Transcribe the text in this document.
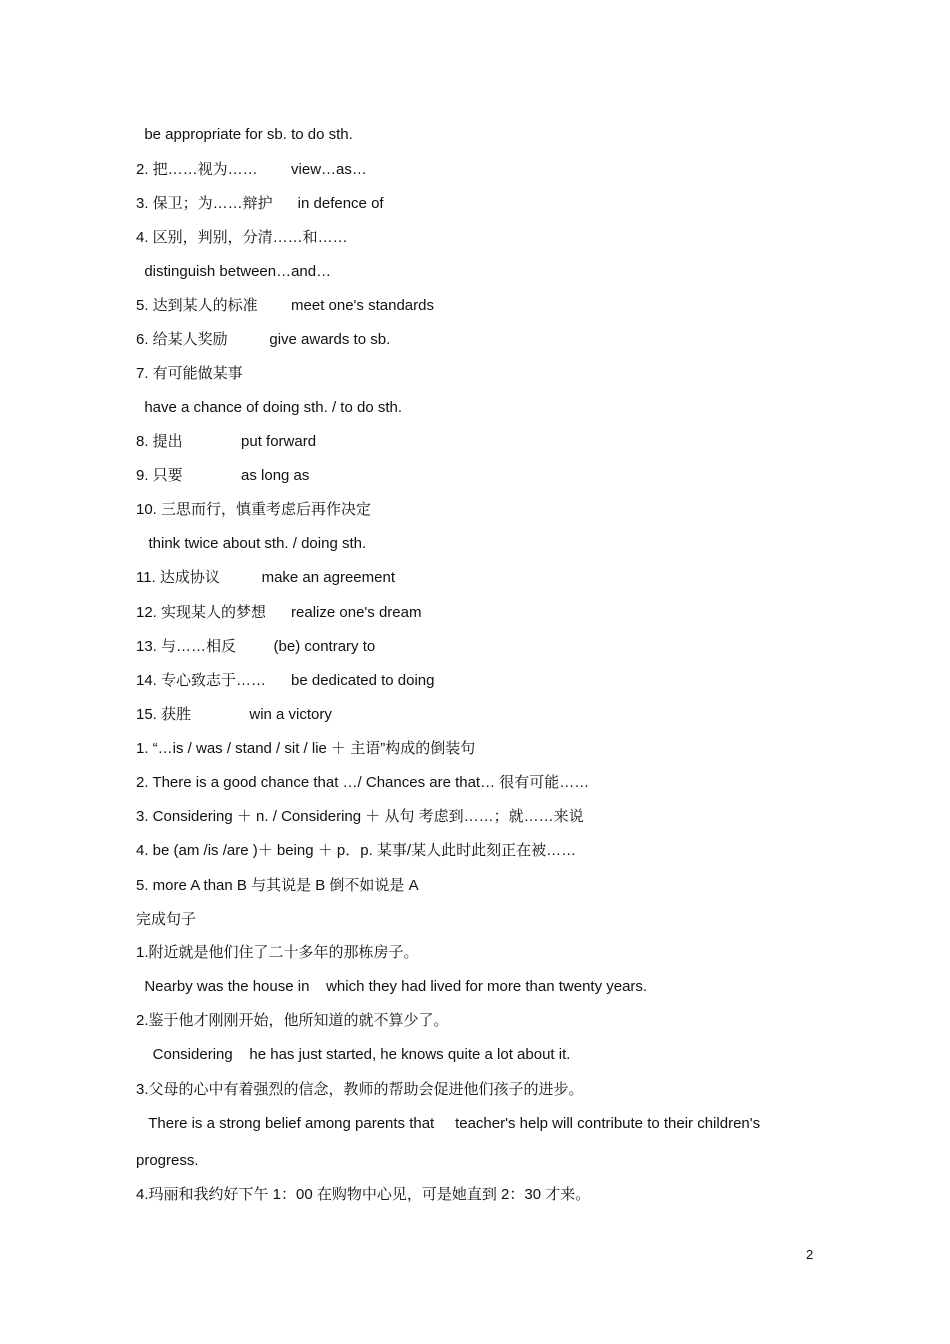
be appropriate for sb. to do sth.
2. 把……视为……        view…as…
3. 保卫；为……辩护      in defence of
4. 区别，判别，分清……和……
distinguish between…and…
5. 达到某人的标准        meet one's standards
6. 给某人奖励          give awards to sb.
7. 有可能做某事
have a chance of doing sth. / to do sth.
8. 提出              put forward
9. 只要              as long as
10. 三思而行，慎重考虑后再作决定
think twice about sth. / doing sth.
11. 达成协议          make an agreement
12. 实现某人的梦想      realize one's dream
13. 与……相反         (be) contrary to
14. 专心致志于……      be dedicated to doing
15. 获胜              win a victory
1. “…is / was / stand / sit / lie ＋ 主语”构成的倒装句
2. There is a good chance that …/ Chances are that… 很有可能……
3. Considering ＋ n. / Considering ＋ 从句 考虑到……；就……来说
4. be (am /is /are )＋ being ＋ p．p. 某事/某人此时此刻正在被……
5. more A than B 与其说是 B 倒不如说是 A
完成句子
1.附近就是他们住了二十多年的那栋房子。
Nearby was the house in    which they had lived for more than twenty years.
2.鉴于他才刚刚开始，他所知道的就不算少了。
Considering    he has just started, he knows quite a lot about it.
3.父母的心中有着强烈的信念，教师的帮助会促进他们孩子的进步。
There is a strong belief among parents that     teacher's help will contribute to their children's
progress.
4.玛丽和我约好下午 1：00 在购物中心见，可是她直到 2：30 才来。
2
